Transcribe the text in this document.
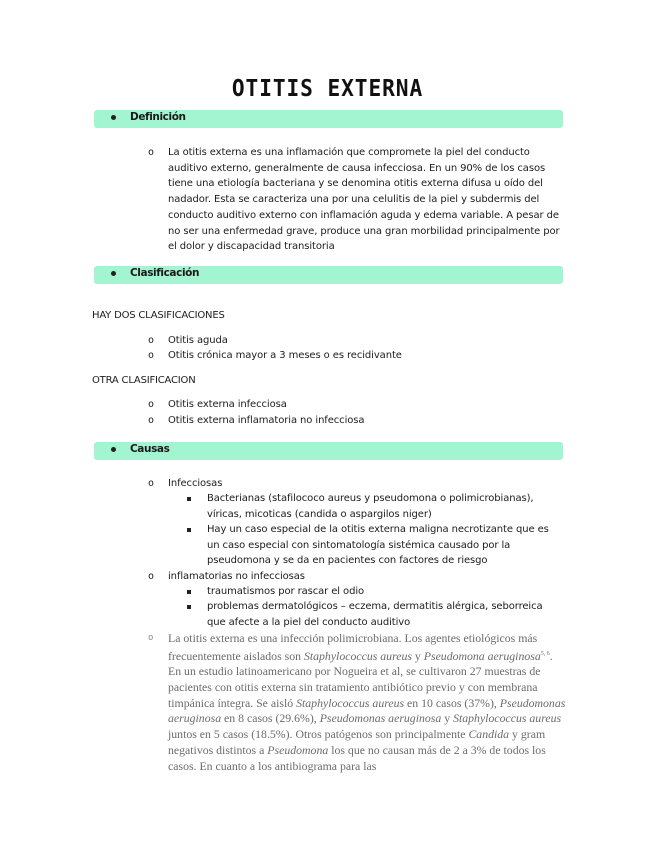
OTITIS EXTERNA
Definición
o La otitis externa es una inflamación que compromete la piel del conducto auditivo externo, generalmente de causa infecciosa. En un 90% de los casos tiene una etiología bacteriana y se denomina otitis externa difusa u oído del nadador. Esta se caracteriza una por una celulitis de la piel y subdermis del conducto auditivo externo con inflamación aguda y edema variable. A pesar de no ser una enfermedad grave, produce una gran morbilidad principalmente por el dolor y discapacidad transitoria
Clasificación
HAY DOS CLASIFICACIONES
o Otitis aguda
o Otitis crónica mayor a 3 meses o es recidivante
OTRA CLASIFICACION
o Otitis externa infecciosa
o Otitis externa inflamatoria no infecciosa
Causas
o Infecciosas
Bacterianas (stafilococo aureus y pseudomona o polimicrobianas), víricas, micoticas (candida o aspargilos niger)
Hay un caso especial de la otitis externa maligna necrotizante que es un caso especial con sintomatología sistémica causado por la pseudomona y se da en pacientes con factores de riesgo
o inflamatorias no infecciosas
traumatismos por rascar el odio
problemas dermatológicos – eczema, dermatitis alérgica, seborreica que afecte a la piel del conducto auditivo
o La otitis externa es una infección polimicrobiana. Los agentes etiológicos más frecuentemente aislados son Staphylococcus aureus y Pseudomona aeruginosa$^{5, 6}$. En un estudio latinoamericano por Nogueira et al, se cultivaron 27 muestras de pacientes con otitis externa sin tratamiento antibiótico previo y con membrana timpánica íntegra. Se aisló Staphylococcus aureus en 10 casos (37%), Pseudomonas aeruginosa en 8 casos (29.6%), Pseudomonas aeruginosa y Staphylococcus aureus juntos en 5 casos (18.5%). Otros patógenos son principalmente Candida y gram negativos distintos a Pseudomona los que no causan más de 2 a 3% de todos los casos. En cuanto a los antibiograma para las
